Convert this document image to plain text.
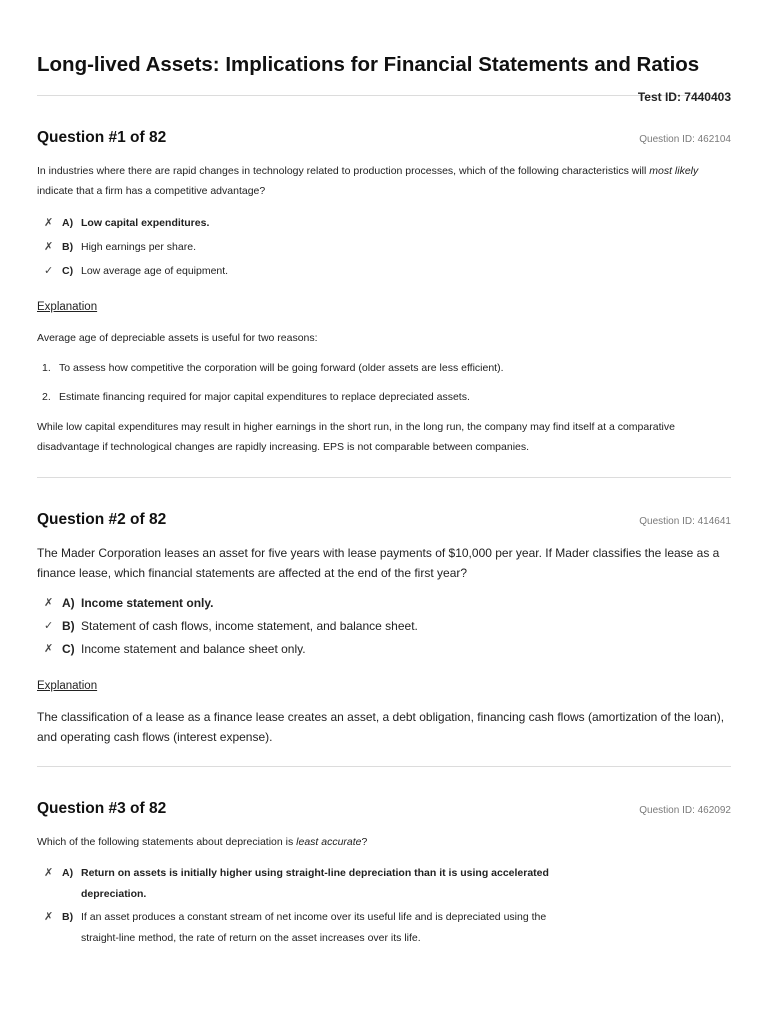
Long-lived Assets: Implications for Financial Statements and Ratios
Test ID: 7440403
Question #1 of 82	Question ID: 462104

In industries where there are rapid changes in technology related to production processes, which of the following characteristics will most likely indicate that a firm has a competitive advantage?

✗ A) Low capital expenditures.
✗ B) High earnings per share.
✓ C) Low average age of equipment.
Explanation

Average age of depreciable assets is useful for two reasons:

1. To assess how competitive the corporation will be going forward (older assets are less efficient).
2. Estimate financing required for major capital expenditures to replace depreciated assets.

While low capital expenditures may result in higher earnings in the short run, in the long run, the company may find itself at a comparative disadvantage if technological changes are rapidly increasing. EPS is not comparable between companies.

Question #2 of 82	Question ID: 414641

The Mader Corporation leases an asset for five years with lease payments of $10,000 per year. If Mader classifies the lease as a finance lease, which financial statements are affected at the end of the first year?

✗ A) Income statement only.
✓ B) Statement of cash flows, income statement, and balance sheet.
✗ C) Income statement and balance sheet only.
Explanation

The classification of a lease as a finance lease creates an asset, a debt obligation, financing cash flows (amortization of the loan), and operating cash flows (interest expense).

Question #3 of 82	Question ID: 462092

Which of the following statements about depreciation is least accurate?

✗ A) Return on assets is initially higher using straight-line depreciation than it is using accelerated depreciation.
✗ B) If an asset produces a constant stream of net income over its useful life and is depreciated using the straight-line method, the rate of return on the asset increases over its life.
